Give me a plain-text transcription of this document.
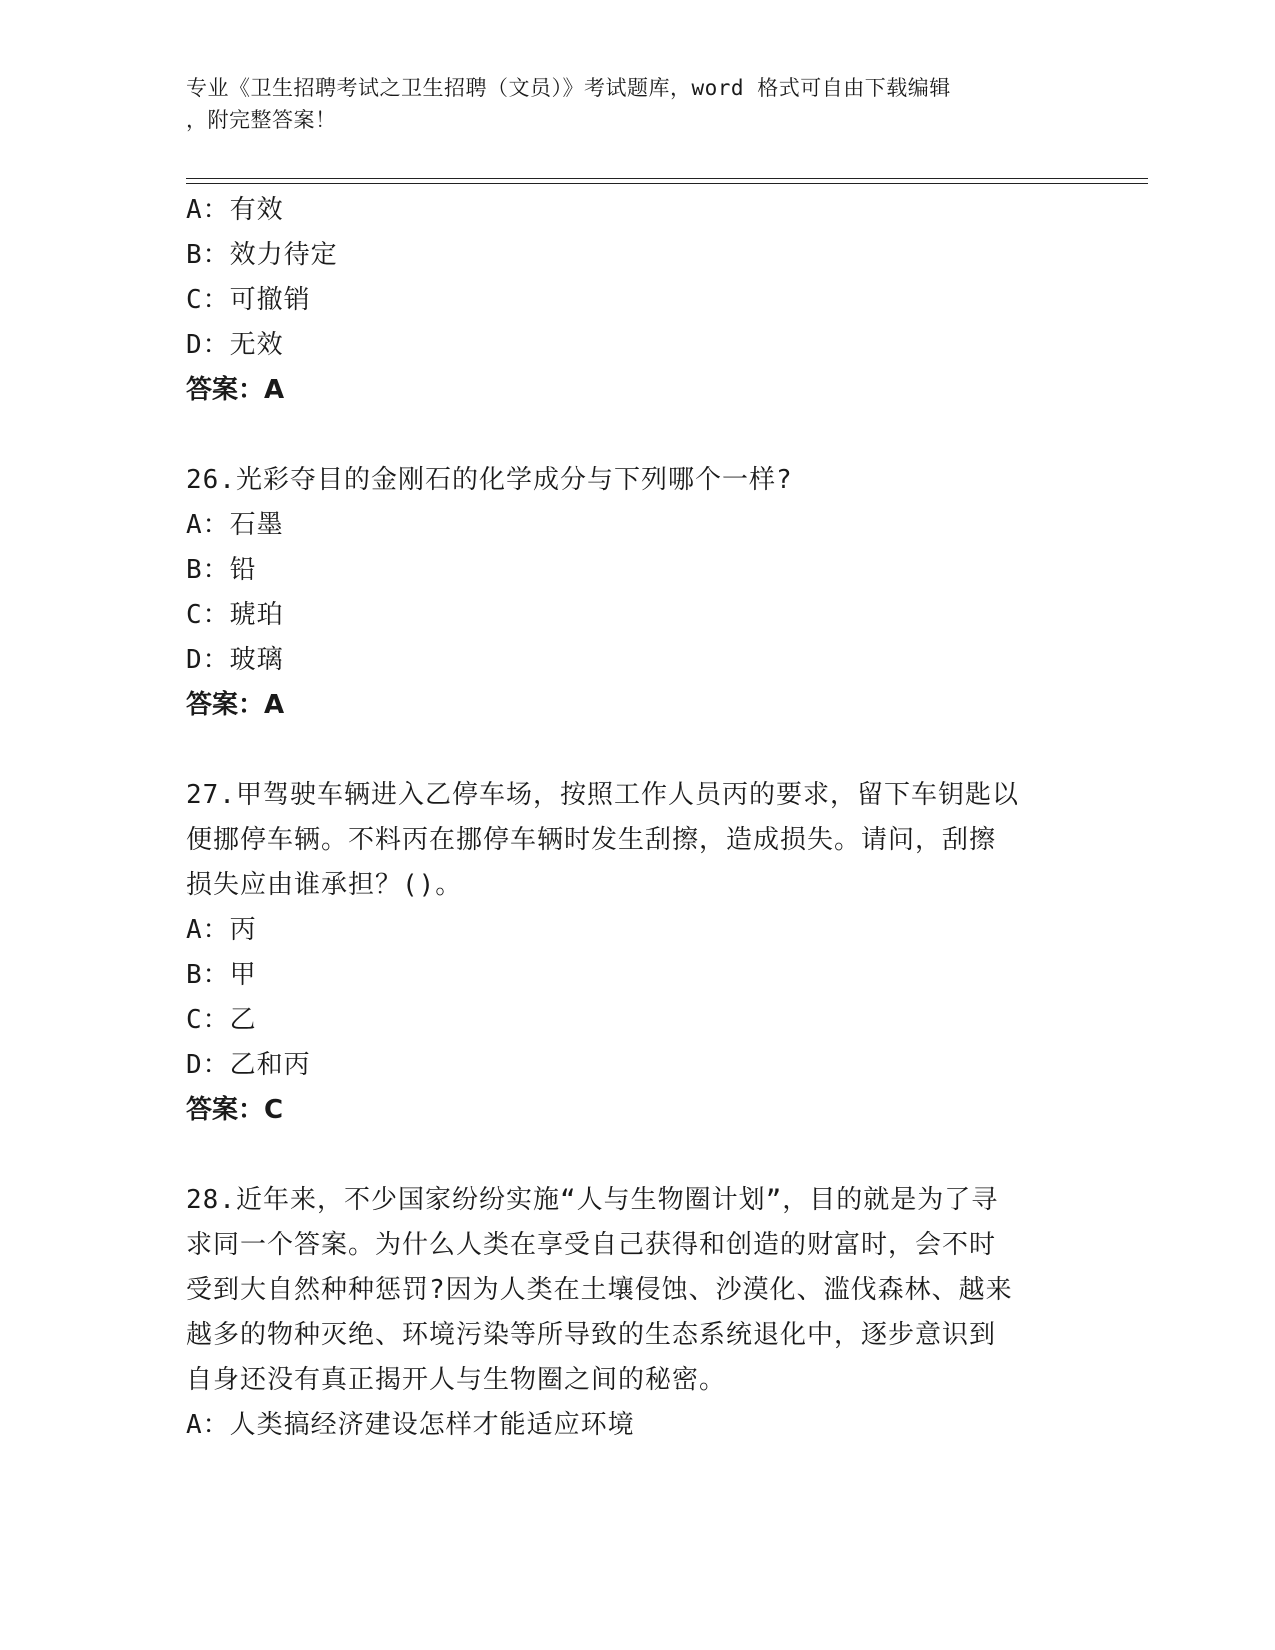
专业《卫生招聘考试之卫生招聘（文员）》考试题库，word 格式可自由下载编辑
，附完整答案！
A：有效
B：效力待定
C：可撤销
D：无效
答案：A
26.光彩夺目的金刚石的化学成分与下列哪个一样?
A：石墨
B：铅
C：琥珀
D：玻璃
答案：A
27.甲驾驶车辆进入乙停车场，按照工作人员丙的要求，留下车钥匙以
便挪停车辆。不料丙在挪停车辆时发生刮擦，造成损失。请问，刮擦
损失应由谁承担？()。
A：丙
B：甲
C：乙
D：乙和丙
答案：C
28.近年来，不少国家纷纷实施“人与生物圈计划”，目的就是为了寻
求同一个答案。为什么人类在享受自己获得和创造的财富时，会不时
受到大自然种种惩罚?因为人类在土壤侵蚀、沙漠化、滥伐森林、越来
越多的物种灭绝、环境污染等所导致的生态系统退化中，逐步意识到
自身还没有真正揭开人与生物圈之间的秘密。
A：人类搞经济建设怎样才能适应环境
